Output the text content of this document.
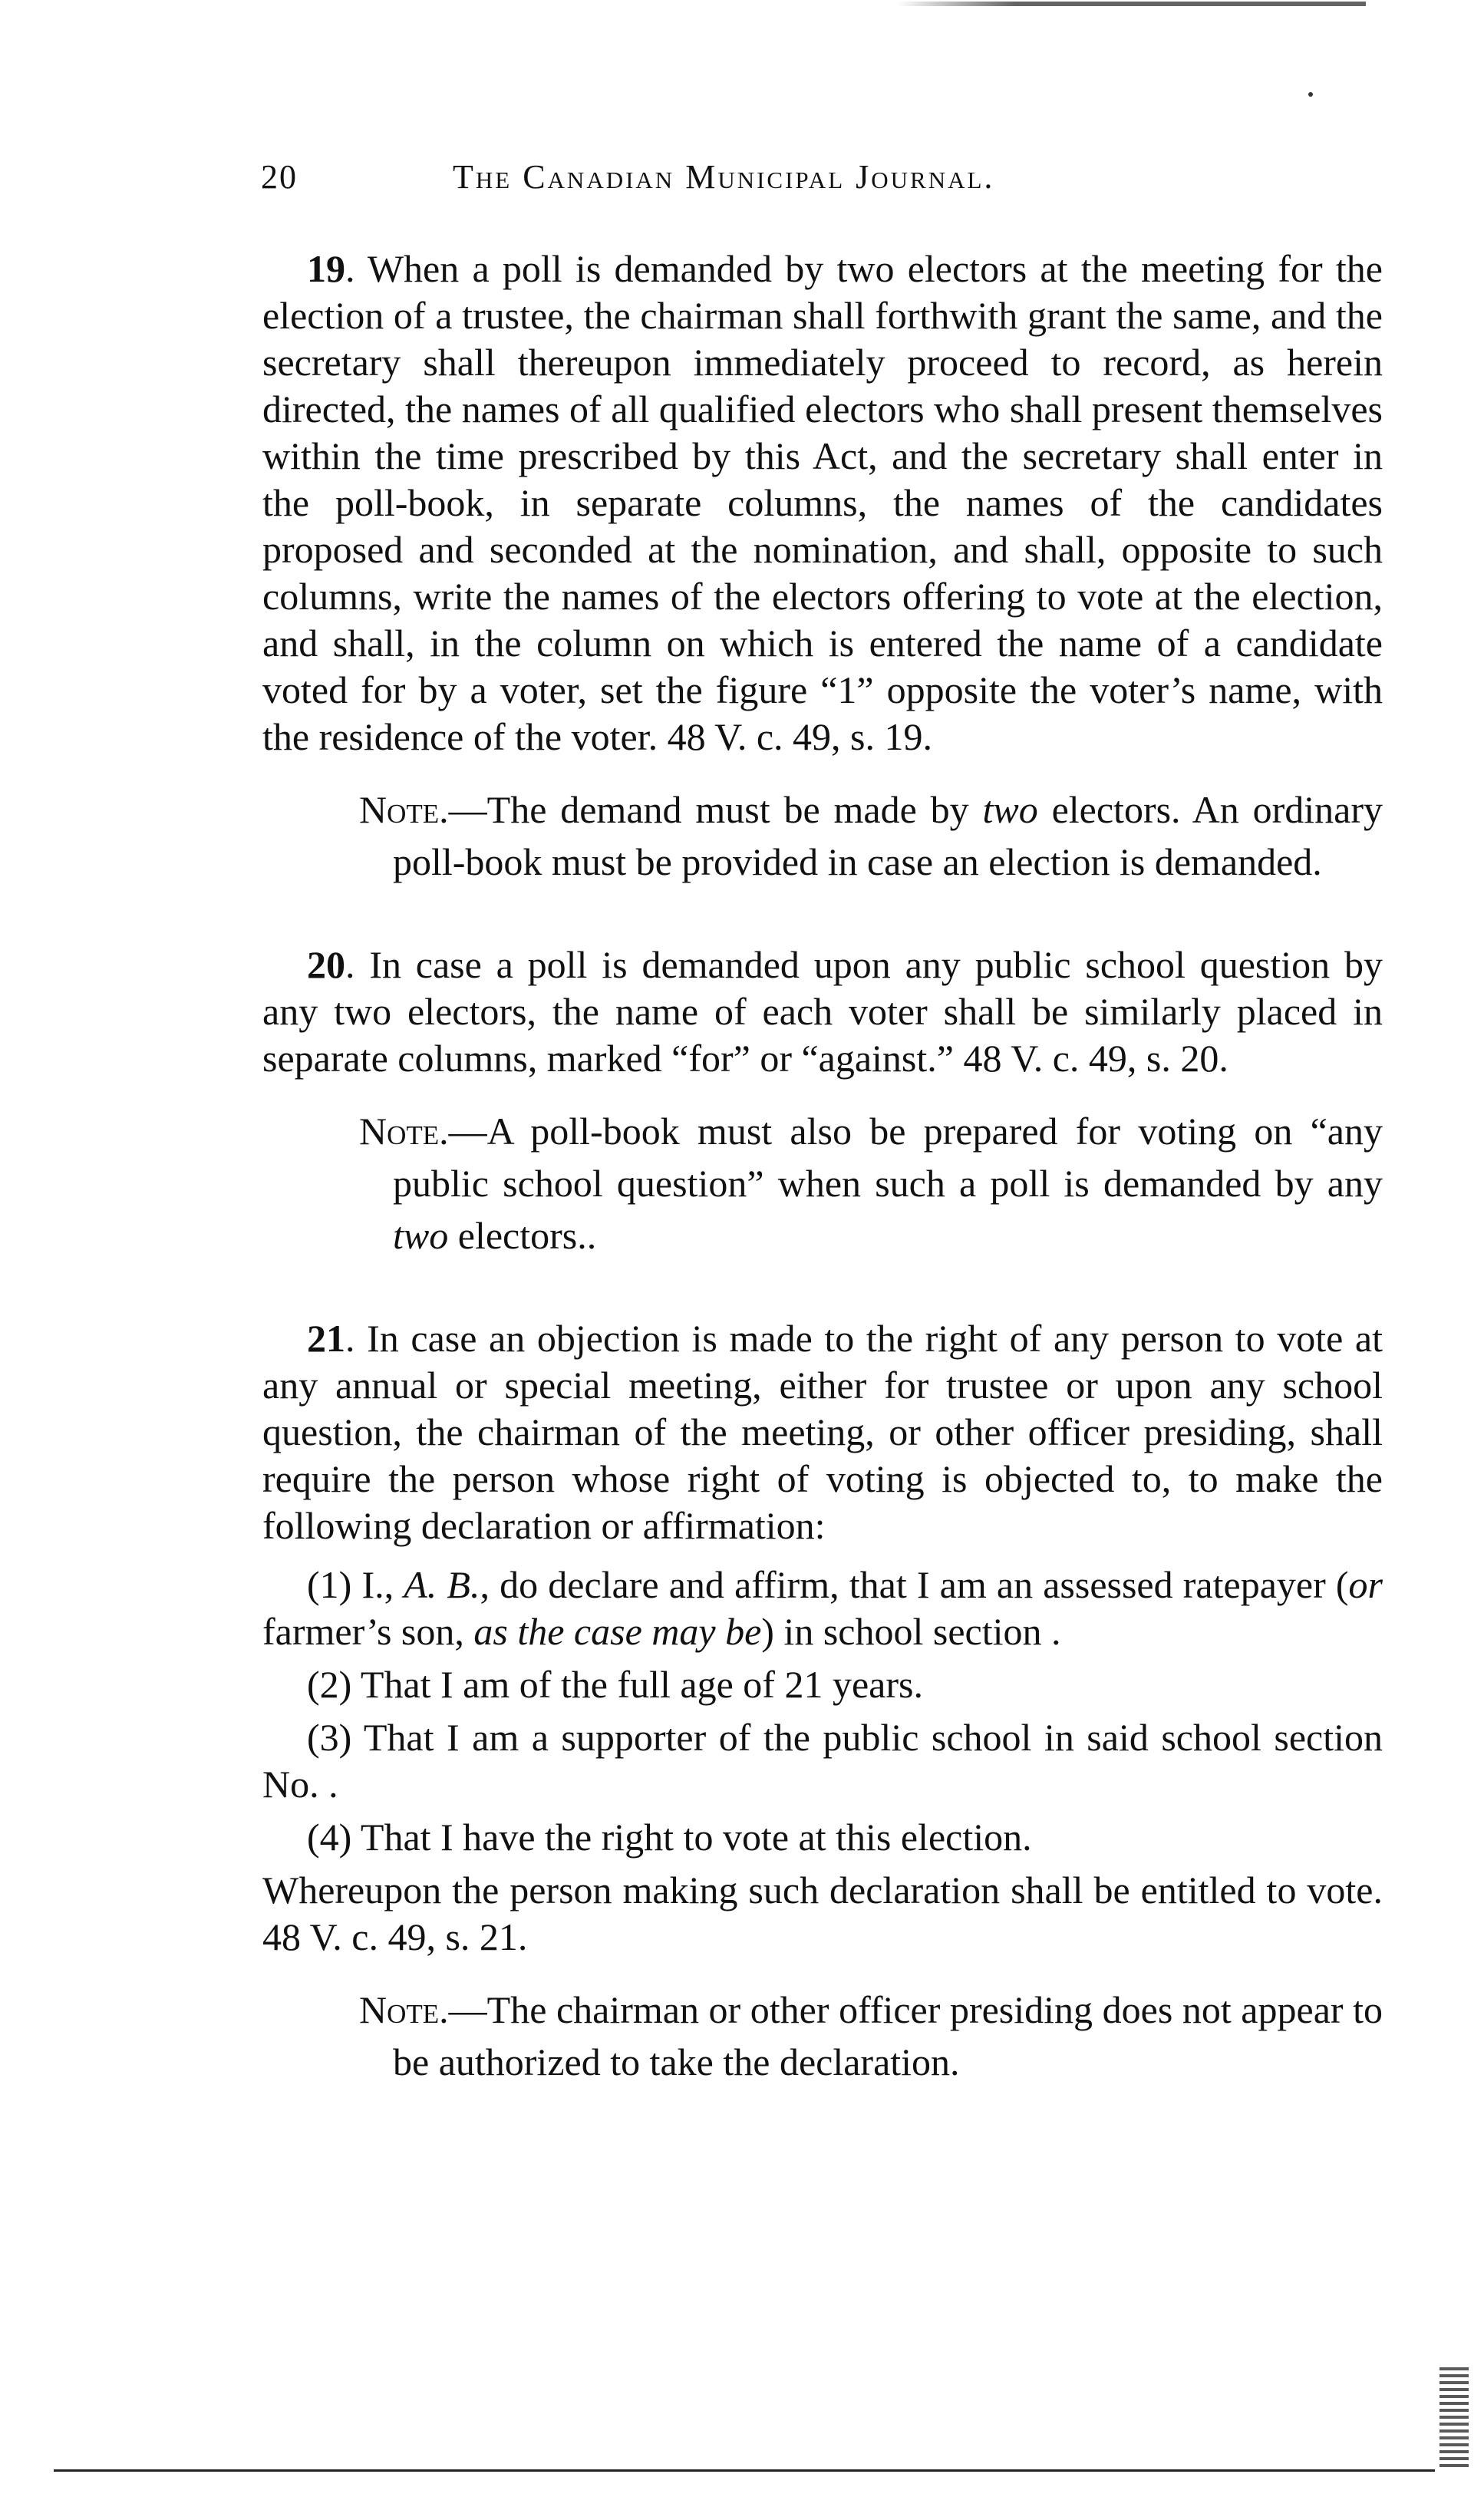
20	The Canadian Municipal Journal.

19. When a poll is demanded by two electors at the meeting for the election of a trustee, the chairman shall forthwith grant the same, and the secretary shall thereupon immediately proceed to record, as herein directed, the names of all qualified electors who shall present themselves within the time prescribed by this Act, and the secretary shall enter in the poll-book, in separate columns, the names of the candidates proposed and seconded at the nomination, and shall, opposite to such columns, write the names of the electors offering to vote at the election, and shall, in the column on which is entered the name of a candidate voted for by a voter, set the figure “1” opposite the voter’s name, with the residence of the voter. 48 V. c. 49, s. 19.

Note.—The demand must be made by two electors. An ordinary poll-book must be provided in case an election is demanded.

20. In case a poll is demanded upon any public school question by any two electors, the name of each voter shall be similarly placed in separate columns, marked “for” or “against.” 48 V. c. 49, s. 20.

Note.—A poll-book must also be prepared for voting on “any public school question” when such a poll is demanded by any two electors..

21. In case an objection is made to the right of any person to vote at any annual or special meeting, either for trustee or upon any school question, the chairman of the meeting, or other officer presiding, shall require the person whose right of voting is objected to, to make the following declaration or affirmation:

(1) I., A. B., do declare and affirm, that I am an assessed ratepayer (or farmer’s son, as the case may be) in school section .

(2) That I am of the full age of 21 years.

(3) That I am a supporter of the public school in said school section No. .

(4) That I have the right to vote at this election.

Whereupon the person making such declaration shall be entitled to vote. 48 V. c. 49, s. 21.

Note.—The chairman or other officer presiding does not appear to be authorized to take the declaration.
